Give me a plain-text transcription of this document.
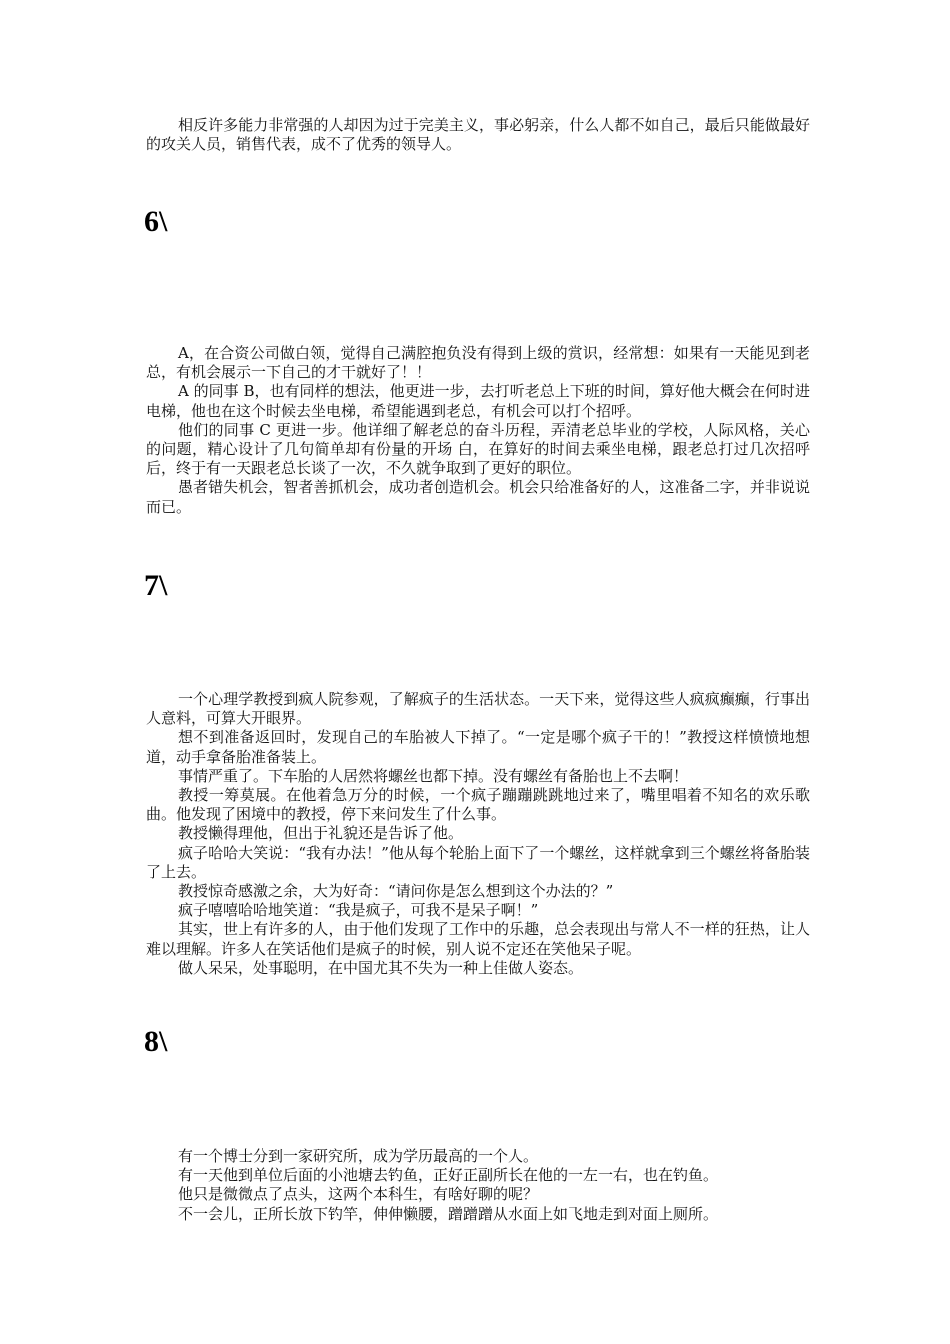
相反许多能力非常强的人却因为过于完美主义，事必躬亲，什么人都不如自己，最后只能做最好的攻关人员，销售代表，成不了优秀的领导人。

6\

A，在合资公司做白领，觉得自己满腔抱负没有得到上级的赏识，经常想：如果有一天能见到老总，有机会展示一下自己的才干就好了！！

A 的同事 B，也有同样的想法，他更进一步，去打听老总上下班的时间，算好他大概会在何时进电梯，他也在这个时候去坐电梯，希望能遇到老总，有机会可以打个招呼。

他们的同事 C 更进一步。他详细了解老总的奋斗历程，弄清老总毕业的学校，人际风格，关心的问题，精心设计了几句简单却有份量的开场 白，在算好的时间去乘坐电梯，跟老总打过几次招呼后，终于有一天跟老总长谈了一次，不久就争取到了更好的职位。

愚者错失机会，智者善抓机会，成功者创造机会。机会只给准备好的人，这准备二字，并非说说而已。

7\

一个心理学教授到疯人院参观，了解疯子的生活状态。一天下来，觉得这些人疯疯癫癫，行事出人意料，可算大开眼界。

想不到准备返回时，发现自己的车胎被人下掉了。“一定是哪个疯子干的！”教授这样愤愤地想道，动手拿备胎准备装上。

事情严重了。下车胎的人居然将螺丝也都下掉。没有螺丝有备胎也上不去啊！

教授一筹莫展。在他着急万分的时候，一个疯子蹦蹦跳跳地过来了，嘴里唱着不知名的欢乐歌曲。他发现了困境中的教授，停下来问发生了什么事。

教授懒得理他，但出于礼貌还是告诉了他。

疯子哈哈大笑说：“我有办法！”他从每个轮胎上面下了一个螺丝，这样就拿到三个螺丝将备胎装了上去。

教授惊奇感激之余，大为好奇：“请问你是怎么想到这个办法的？”

疯子嘻嘻哈哈地笑道：“我是疯子，可我不是呆子啊！”

其实，世上有许多的人，由于他们发现了工作中的乐趣，总会表现出与常人不一样的狂热，让人难以理解。许多人在笑话他们是疯子的时候，别人说不定还在笑他呆子呢。

做人呆呆，处事聪明，在中国尤其不失为一种上佳做人姿态。

8\

有一个博士分到一家研究所，成为学历最高的一个人。

有一天他到单位后面的小池塘去钓鱼，正好正副所长在他的一左一右，也在钓鱼。

他只是微微点了点头，这两个本科生，有啥好聊的呢？

不一会儿，正所长放下钓竿，伸伸懒腰，蹭蹭蹭从水面上如飞地走到对面上厕所。
